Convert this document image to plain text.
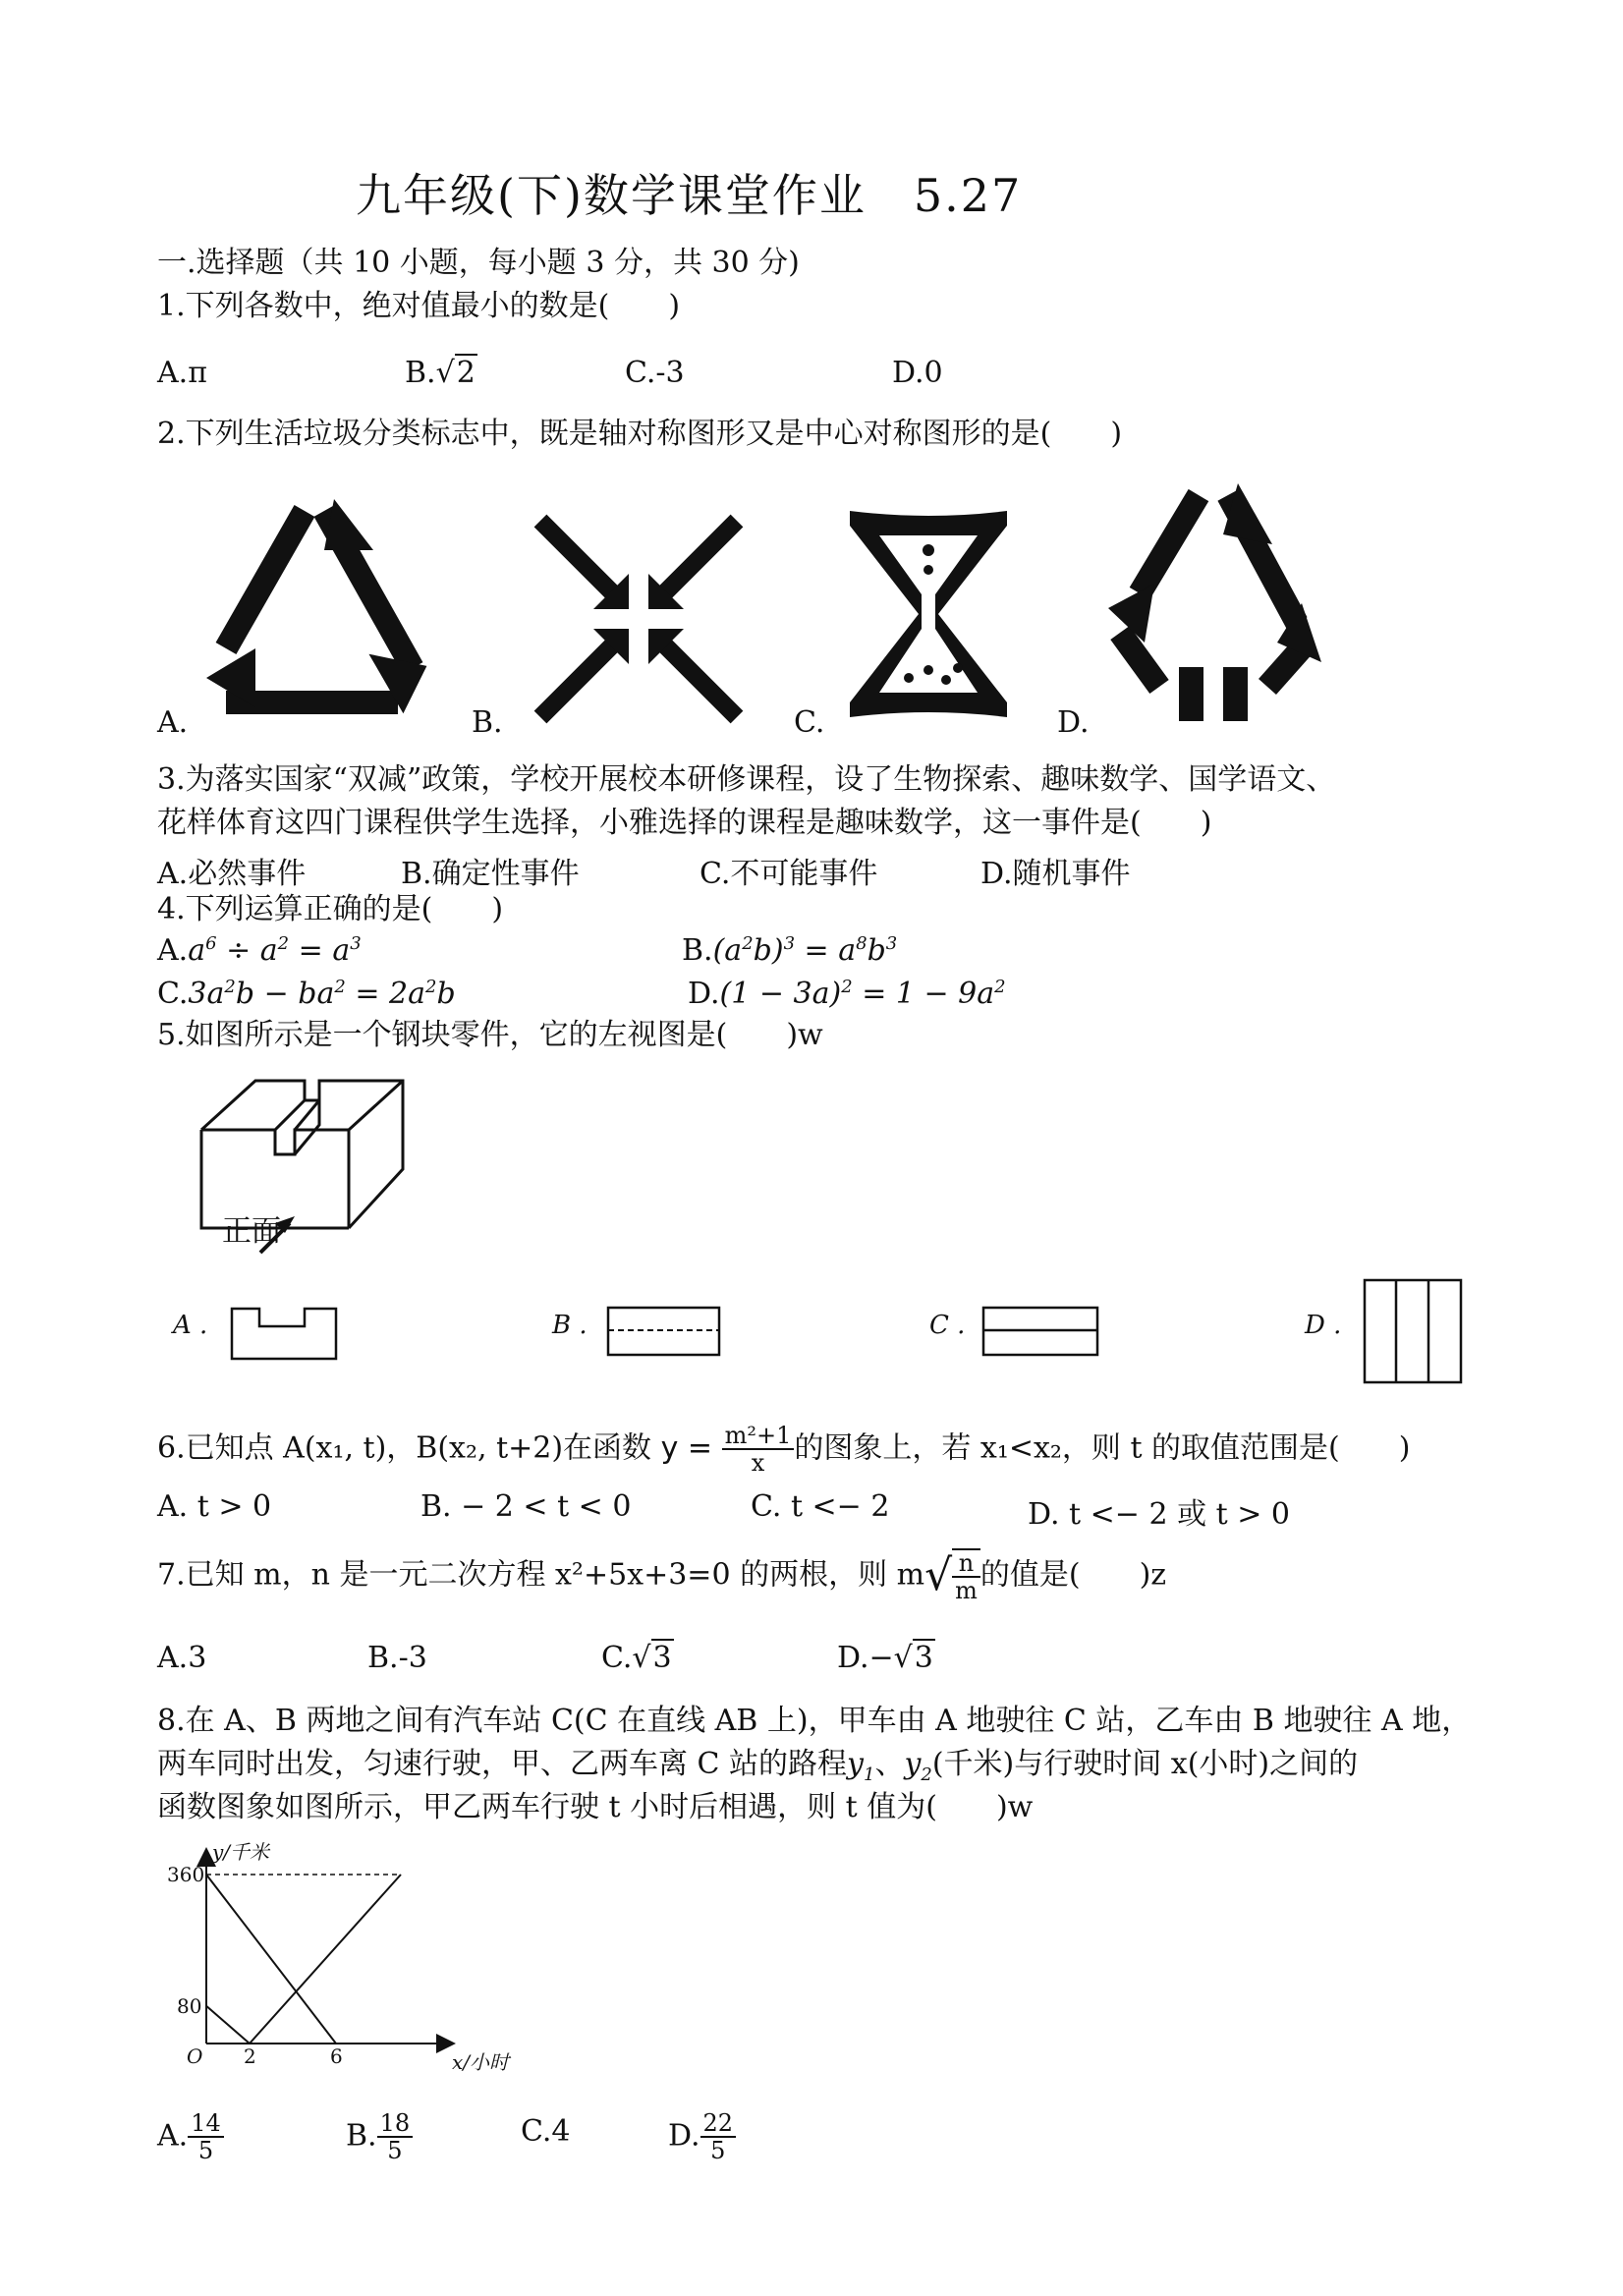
九年级(下)数学课堂作业　5.27
一.选择题（共 10 小题，每小题 3 分，共 30 分)
1.下列各数中，绝对值最小的数是(　　)
A.π	B.√2	C.-3	D.0
2.下列生活垃圾分类标志中，既是轴对称图形又是中心对称图形的是(　　)
A.	B.	C.	D.
3.为落实国家“双减”政策，学校开展校本研修课程，设了生物探索、趣味数学、国学语文、
花样体育这四门课程供学生选择，小雅选择的课程是趣味数学，这一事件是(　　)
A.必然事件	B.确定性事件	C.不可能事件	D.随机事件
4.下列运算正确的是(　　)
$A.a^6 \div a^2 = a^3$	$B.(a^2b)^3 = a^8b^3$
$C.3a^2b - ba^2 = 2a^2b$	$D.(1 - 3a)^2 = 1 - 9a^2$
5.如图所示是一个钢块零件，它的左视图是(　　)w
正面
A .	B .	C .	D .
6.已知点 A(x₁, t)，B(x₂, t+2)在函数 $y = \frac{\text{m²+1}}{x}$ 的图象上，若 x₁<x₂，则 t 的取值范围是(　　)
A. t > 0	B. − 2 < t < 0	C. t <− 2	D. t <− 2 或 t > 0
7.已知 m，n 是一元二次方程 x²+5x+3=0 的两根，则 $m√ \frac{n}{m}$ 的值是(　　)z
A.3	B.-3	C.√3	D.−√3
8.在 A、B 两地之间有汽车站 C(C 在直线 AB 上)，甲车由 A 地驶往 C 站，乙车由 B 地驶往 A 地，
两车同时出发，匀速行驶，甲、乙两车离 C 站的路程$y_1$、$y_2$(千米)与行驶时间 x(小时)之间的
函数图象如图所示，甲乙两车行驶 t 小时后相遇，则 t 值为(　　)w
y/千米
x/小时
O 2	6
80
360
A. $\frac{14}{5}$	B. $\frac{18}{5}$	C.4	D. $\frac{22}{5}$
